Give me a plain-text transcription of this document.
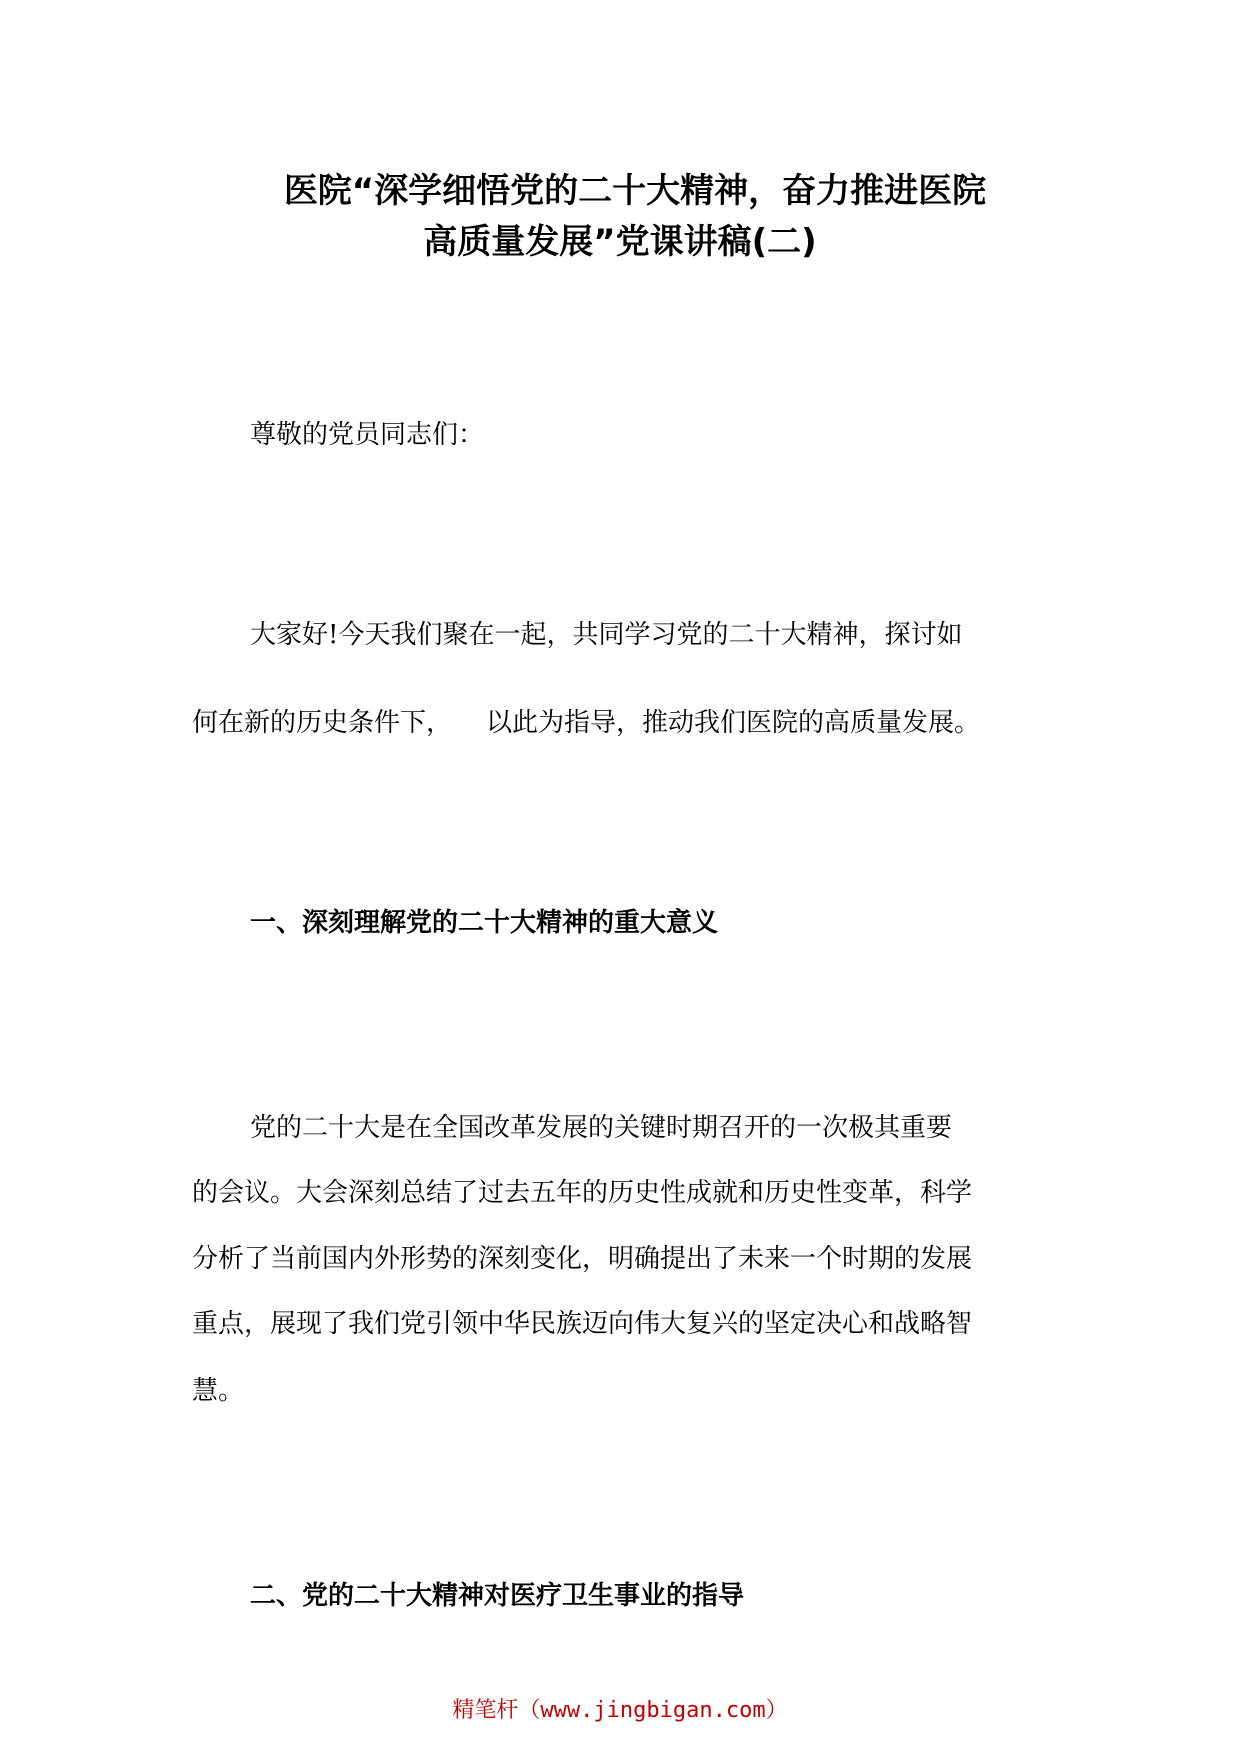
医院“深学细悟党的二十大精神，奋力推进医院
高质量发展”党课讲稿(二)

尊敬的党员同志们：

大家好!今天我们聚在一起，共同学习党的二十大精神，探讨如

何在新的历史条件下， 以此为指导，推动我们医院的高质量发展。

一、深刻理解党的二十大精神的重大意义

党的二十大是在全国改革发展的关键时期召开的一次极其重要

的会议。大会深刻总结了过去五年的历史性成就和历史性变革，科学

分析了当前国内外形势的深刻变化，明确提出了未来一个时期的发展

重点，展现了我们党引领中华民族迈向伟大复兴的坚定决心和战略智

慧。

二、党的二十大精神对医疗卫生事业的指导
精笔杆（www.jingbigan.com）
